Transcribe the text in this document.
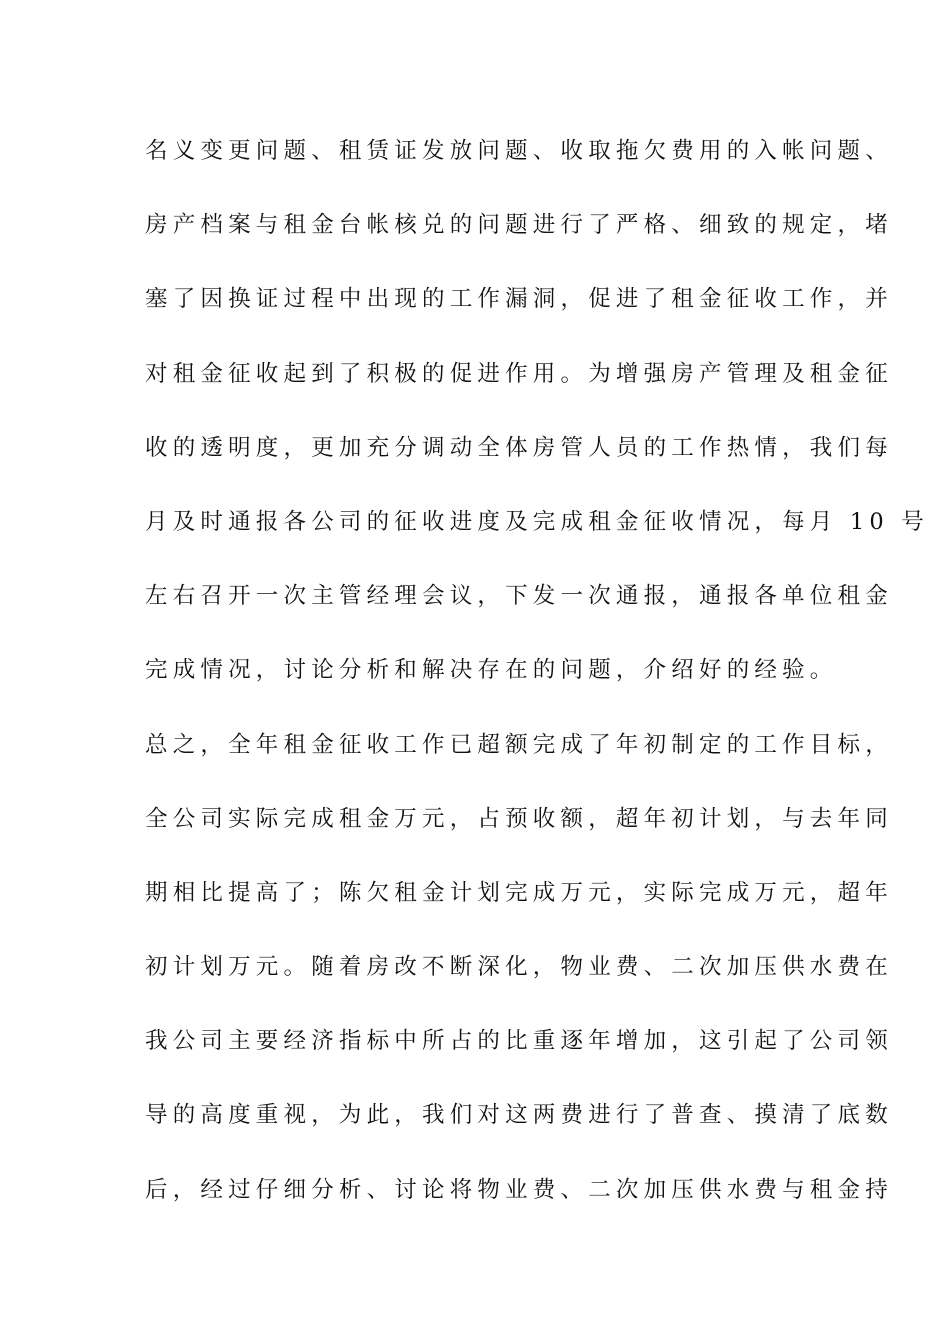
名义变更问题、租赁证发放问题、收取拖欠费用的入帐问题、
房产档案与租金台帐核兑的问题进行了严格、细致的规定，堵
塞了因换证过程中出现的工作漏洞，促进了租金征收工作，并
对租金征收起到了积极的促进作用。为增强房产管理及租金征
收的透明度，更加充分调动全体房管人员的工作热情，我们每
月及时通报各公司的征收进度及完成租金征收情况，每月 10 号
左右召开一次主管经理会议，下发一次通报，通报各单位租金
完成情况，讨论分析和解决存在的问题，介绍好的经验。
总之，全年租金征收工作已超额完成了年初制定的工作目标，
全公司实际完成租金万元，占预收额，超年初计划，与去年同
期相比提高了；陈欠租金计划完成万元，实际完成万元，超年
初计划万元。随着房改不断深化，物业费、二次加压供水费在
我公司主要经济指标中所占的比重逐年增加，这引起了公司领
导的高度重视，为此，我们对这两费进行了普查、摸清了底数
后，经过仔细分析、讨论将物业费、二次加压供水费与租金持
